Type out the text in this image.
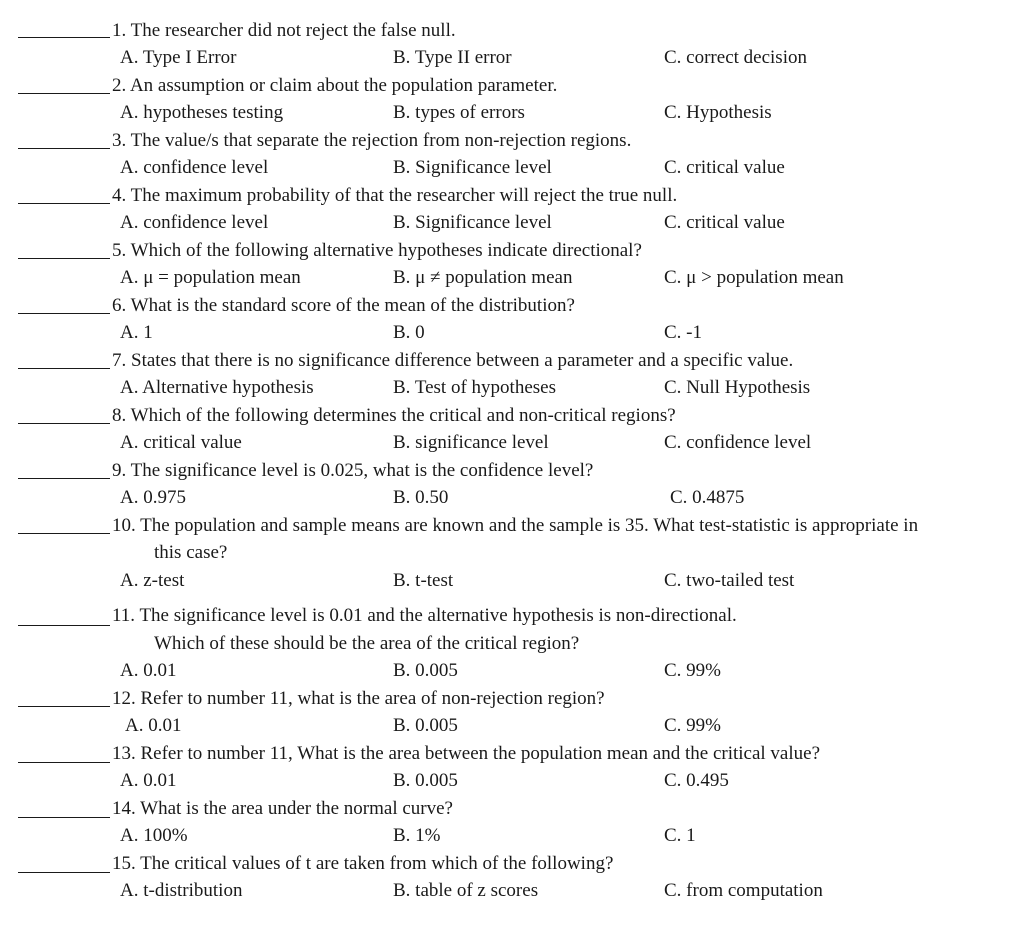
1. The researcher did not reject the false null.
A. Type I Error	B. Type II error	C. correct decision
2. An assumption or claim about the population parameter.
A. hypotheses testing	B. types of errors	C. Hypothesis
3. The value/s that separate the rejection from non-rejection regions.
A. confidence level	B. Significance level	C. critical value
4. The maximum probability of that the researcher will reject the true null.
A. confidence level	B. Significance level	C. critical value
5. Which of the following alternative hypotheses indicate directional?
A. μ = population mean	B. μ ≠ population mean	C. μ > population mean
6. What is the standard score of the mean of the distribution?
A. 1	B. 0	C. -1
7. States that there is no significance difference between a parameter and a specific value.
A. Alternative hypothesis	B. Test of hypotheses	C. Null Hypothesis
8. Which of the following determines the critical and non-critical regions?
A. critical value	B. significance level	C. confidence level
9. The significance level is 0.025, what is the confidence level?
A. 0.975	B. 0.50	C. 0.4875
10. The population and sample means are known and the sample is 35. What test-statistic is appropriate in
this case?
A. z-test	B. t-test	C. two-tailed test
11. The significance level is 0.01 and the alternative hypothesis is non-directional.
Which of these should be the area of the critical region?
A. 0.01	B. 0.005	C. 99%
12. Refer to number 11, what is the area of non-rejection region?
A. 0.01	B. 0.005	C. 99%
13. Refer to number 11, What is the area between the population mean and the critical value?
A. 0.01	B. 0.005	C. 0.495
14. What is the area under the normal curve?
A. 100%	B. 1%	C. 1
15. The critical values of t are taken from which of the following?
A. t-distribution	B. table of z scores	C. from computation
